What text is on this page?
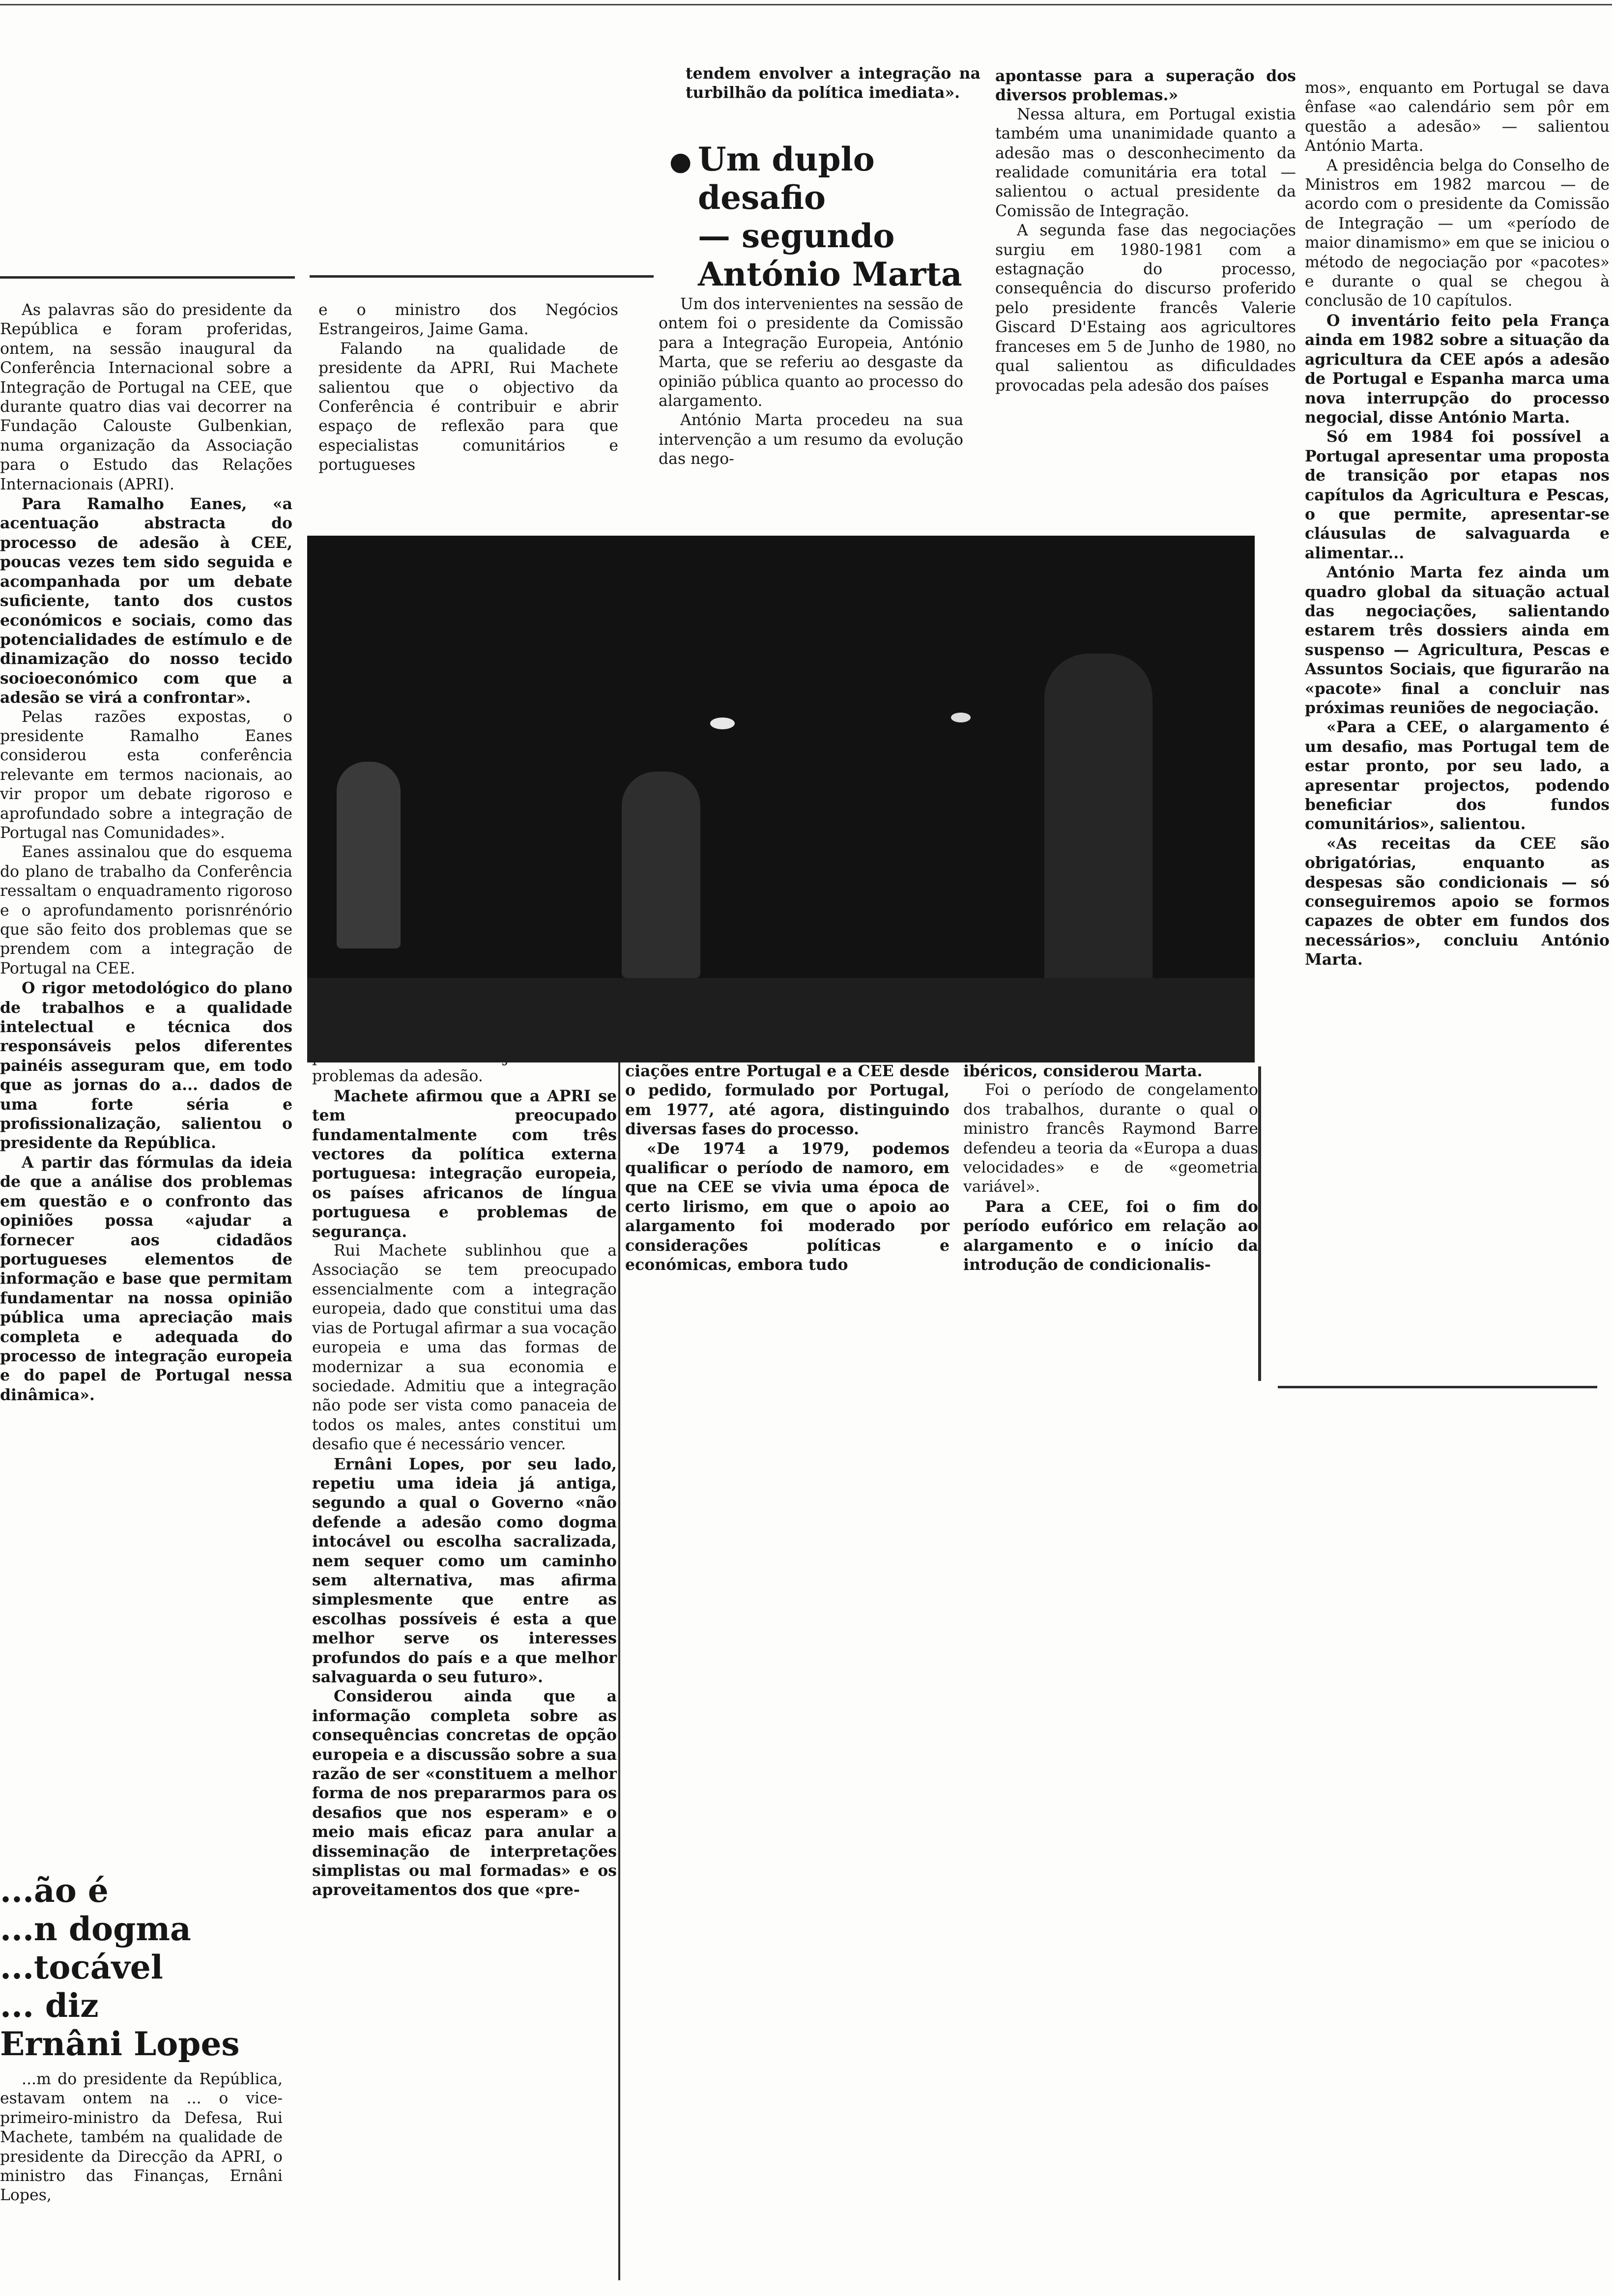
As palavras são do presidente da República e foram proferidas, ontem, na sessão inaugural da Conferência Internacional sobre a Integração de Portugal na CEE, que durante quatro dias vai decorrer na Fundação Calouste Gulbenkian, numa organização da Associação para o Estudo das Relações Internacionais (APRI).

Para Ramalho Eanes, «a acentuação abstracta do processo de adesão à CEE, poucas vezes tem sido seguida e acompanhada por um debate suficiente, tanto dos custos económicos e sociais, como das potencialidades de estímulo e de dinamização do nosso tecido socioeconómico com que a adesão se virá a confrontar».

Pelas razões expostas, o presidente Ramalho Eanes considerou esta conferência relevante em termos nacionais, ao vir propor um debate rigoroso e aprofundado sobre a integração de Portugal nas Comunidades».

Eanes assinalou que do esquema do plano de trabalho da Conferência ressaltam o enquadramento rigoroso e o aprofundamento porisnrénório que são feito dos problemas que se prendem com a integração de Portugal na CEE.

O rigor metodológico do plano de trabalhos e a qualidade intelectual e técnica dos responsáveis pelos diferentes painéis asseguram que, em todo que as jornas do a... dados de uma forte séria e profissionalização, salientou o presidente da República.

A partir das fórmulas da ideia de que a análise dos problemas em questão e o confronto das opiniões possa «ajudar a fornecer aos cidadãos portugueses elementos de informação e base que permitam fundamentar na nossa opinião pública uma apreciação mais completa e adequada do processo de integração europeia e do papel de Portugal nessa dinâmica».

...ão é
...n dogma
...tocável
... diz
Ernâni Lopes

...m do presidente da República, estavam ontem na ... o vice-primeiro-ministro da Defesa, Rui Machete, também na qualidade de presidente da Direcção da APRI, o ministro das Finanças, Ernâni Lopes,

e o ministro dos Negócios Estrangeiros, Jaime Gama.

Falando na qualidade de presidente da APRI, Rui Machete salientou que o objectivo da Conferência é contribuir e abrir espaço de reflexão para que especialistas comunitários e portugueses

problemas da adesão.

Machete afirmou que a APRI se tem preocupado fundamentalmente com três vectores da política externa portuguesa: integração europeia, os países africanos de língua portuguesa e problemas de segurança.

Rui Machete sublinhou que a Associação se tem preocupado essencialmente com a integração europeia, dado que constitui uma das vias de Portugal afirmar a sua vocação europeia e uma das formas de modernizar a sua economia e sociedade. Admitiu que a integração não pode ser vista como panaceia de todos os males, antes constitui um desafio que é necessário vencer.

Ernâni Lopes, por seu lado, repetiu uma ideia já antiga, segundo a qual o Governo «não defende a adesão como dogma intocável ou escolha sacralizada, nem sequer como um caminho sem alternativa, mas afirma simplesmente que entre as escolhas possíveis é esta a que melhor serve os interesses profundos do país e a que melhor salvaguarda o seu futuro».

Considerou ainda que a informação completa sobre as consequências concretas de opção europeia e a discussão sobre a sua razão de ser «constituem a melhor forma de nos prepararmos para os desafios que nos esperam» e o meio mais eficaz para anular a disseminação de interpretações simplistas ou mal formadas» e os aproveitamentos dos que «pre-

tendem envolver a integração na turbilhão da política imediata».

● Um duplo
desafio
— segundo
António Marta

Um dos intervenientes na sessão de ontem foi o presidente da Comissão para a Integração Europeia, António Marta, que se referiu ao desgaste da opinião pública quanto ao processo do alargamento.

António Marta procedeu na sua intervenção a um resumo da evolução das nego-

ciações entre Portugal e a CEE desde o pedido, formulado por Portugal, em 1977, até agora, distinguindo diversas fases do processo.

«De 1974 a 1979, podemos qualificar o período de namoro, em que na CEE se vivia uma época de certo lirismo, em que o apoio ao alargamento foi moderado por considerações políticas e económicas, embora tudo

apontasse para a superação dos diversos problemas.»

Nessa altura, em Portugal existia também uma unanimidade quanto a adesão mas o desconhecimento da realidade comunitária era total — salientou o actual presidente da Comissão de Integração.

A segunda fase das negociações surgiu em 1980-1981 com a estagnação do processo, consequência do discurso proferido pelo presidente francês Valerie Giscard D'Estaing aos agricultores franceses em 5 de Junho de 1980, no qual salientou as dificuldades provocadas pela adesão dos países

ibéricos, considerou Marta.

Foi o período de congelamento dos trabalhos, durante o qual o ministro francês Raymond Barre defendeu a teoria da «Europa a duas velocidades» e de «geometria variável».

Para a CEE, foi o fim do período eufórico em relação ao alargamento e o início da introdução de condicionalis-

mos», enquanto em Portugal se dava ênfase «ao calendário sem pôr em questão a adesão» — salientou António Marta.

A presidência belga do Conselho de Ministros em 1982 marcou — de acordo com o presidente da Comissão de Integração — um «período de maior dinamismo» em que se iniciou o método de negociação por «pacotes» e durante o qual se chegou à conclusão de 10 capítulos.

O inventário feito pela França ainda em 1982 sobre a situação da agricultura da CEE após a adesão de Portugal e Espanha marca uma nova interrupção do processo negocial, disse António Marta.

Só em 1984 foi possível a Portugal apresentar uma proposta de transição por etapas nos capítulos da Agricultura e Pescas, o que permite, apresentar-se cláusulas de salvaguarda e alimentar...

António Marta fez ainda um quadro global da situação actual das negociações, salientando estarem três dossiers ainda em suspenso — Agricultura, Pescas e Assuntos Sociais, que figurarão na «pacote» final a concluir nas próximas reuniões de negociação.

«Para a CEE, o alargamento é um desafio, mas Portugal tem de estar pronto, por seu lado, a apresentar projectos, podendo beneficiar dos fundos comunitários», salientou.

«As receitas da CEE são obrigatórias, enquanto as despesas são condicionais — só conseguiremos apoio se formos capazes de obter em fundos dos necessários», concluiu António Marta.
